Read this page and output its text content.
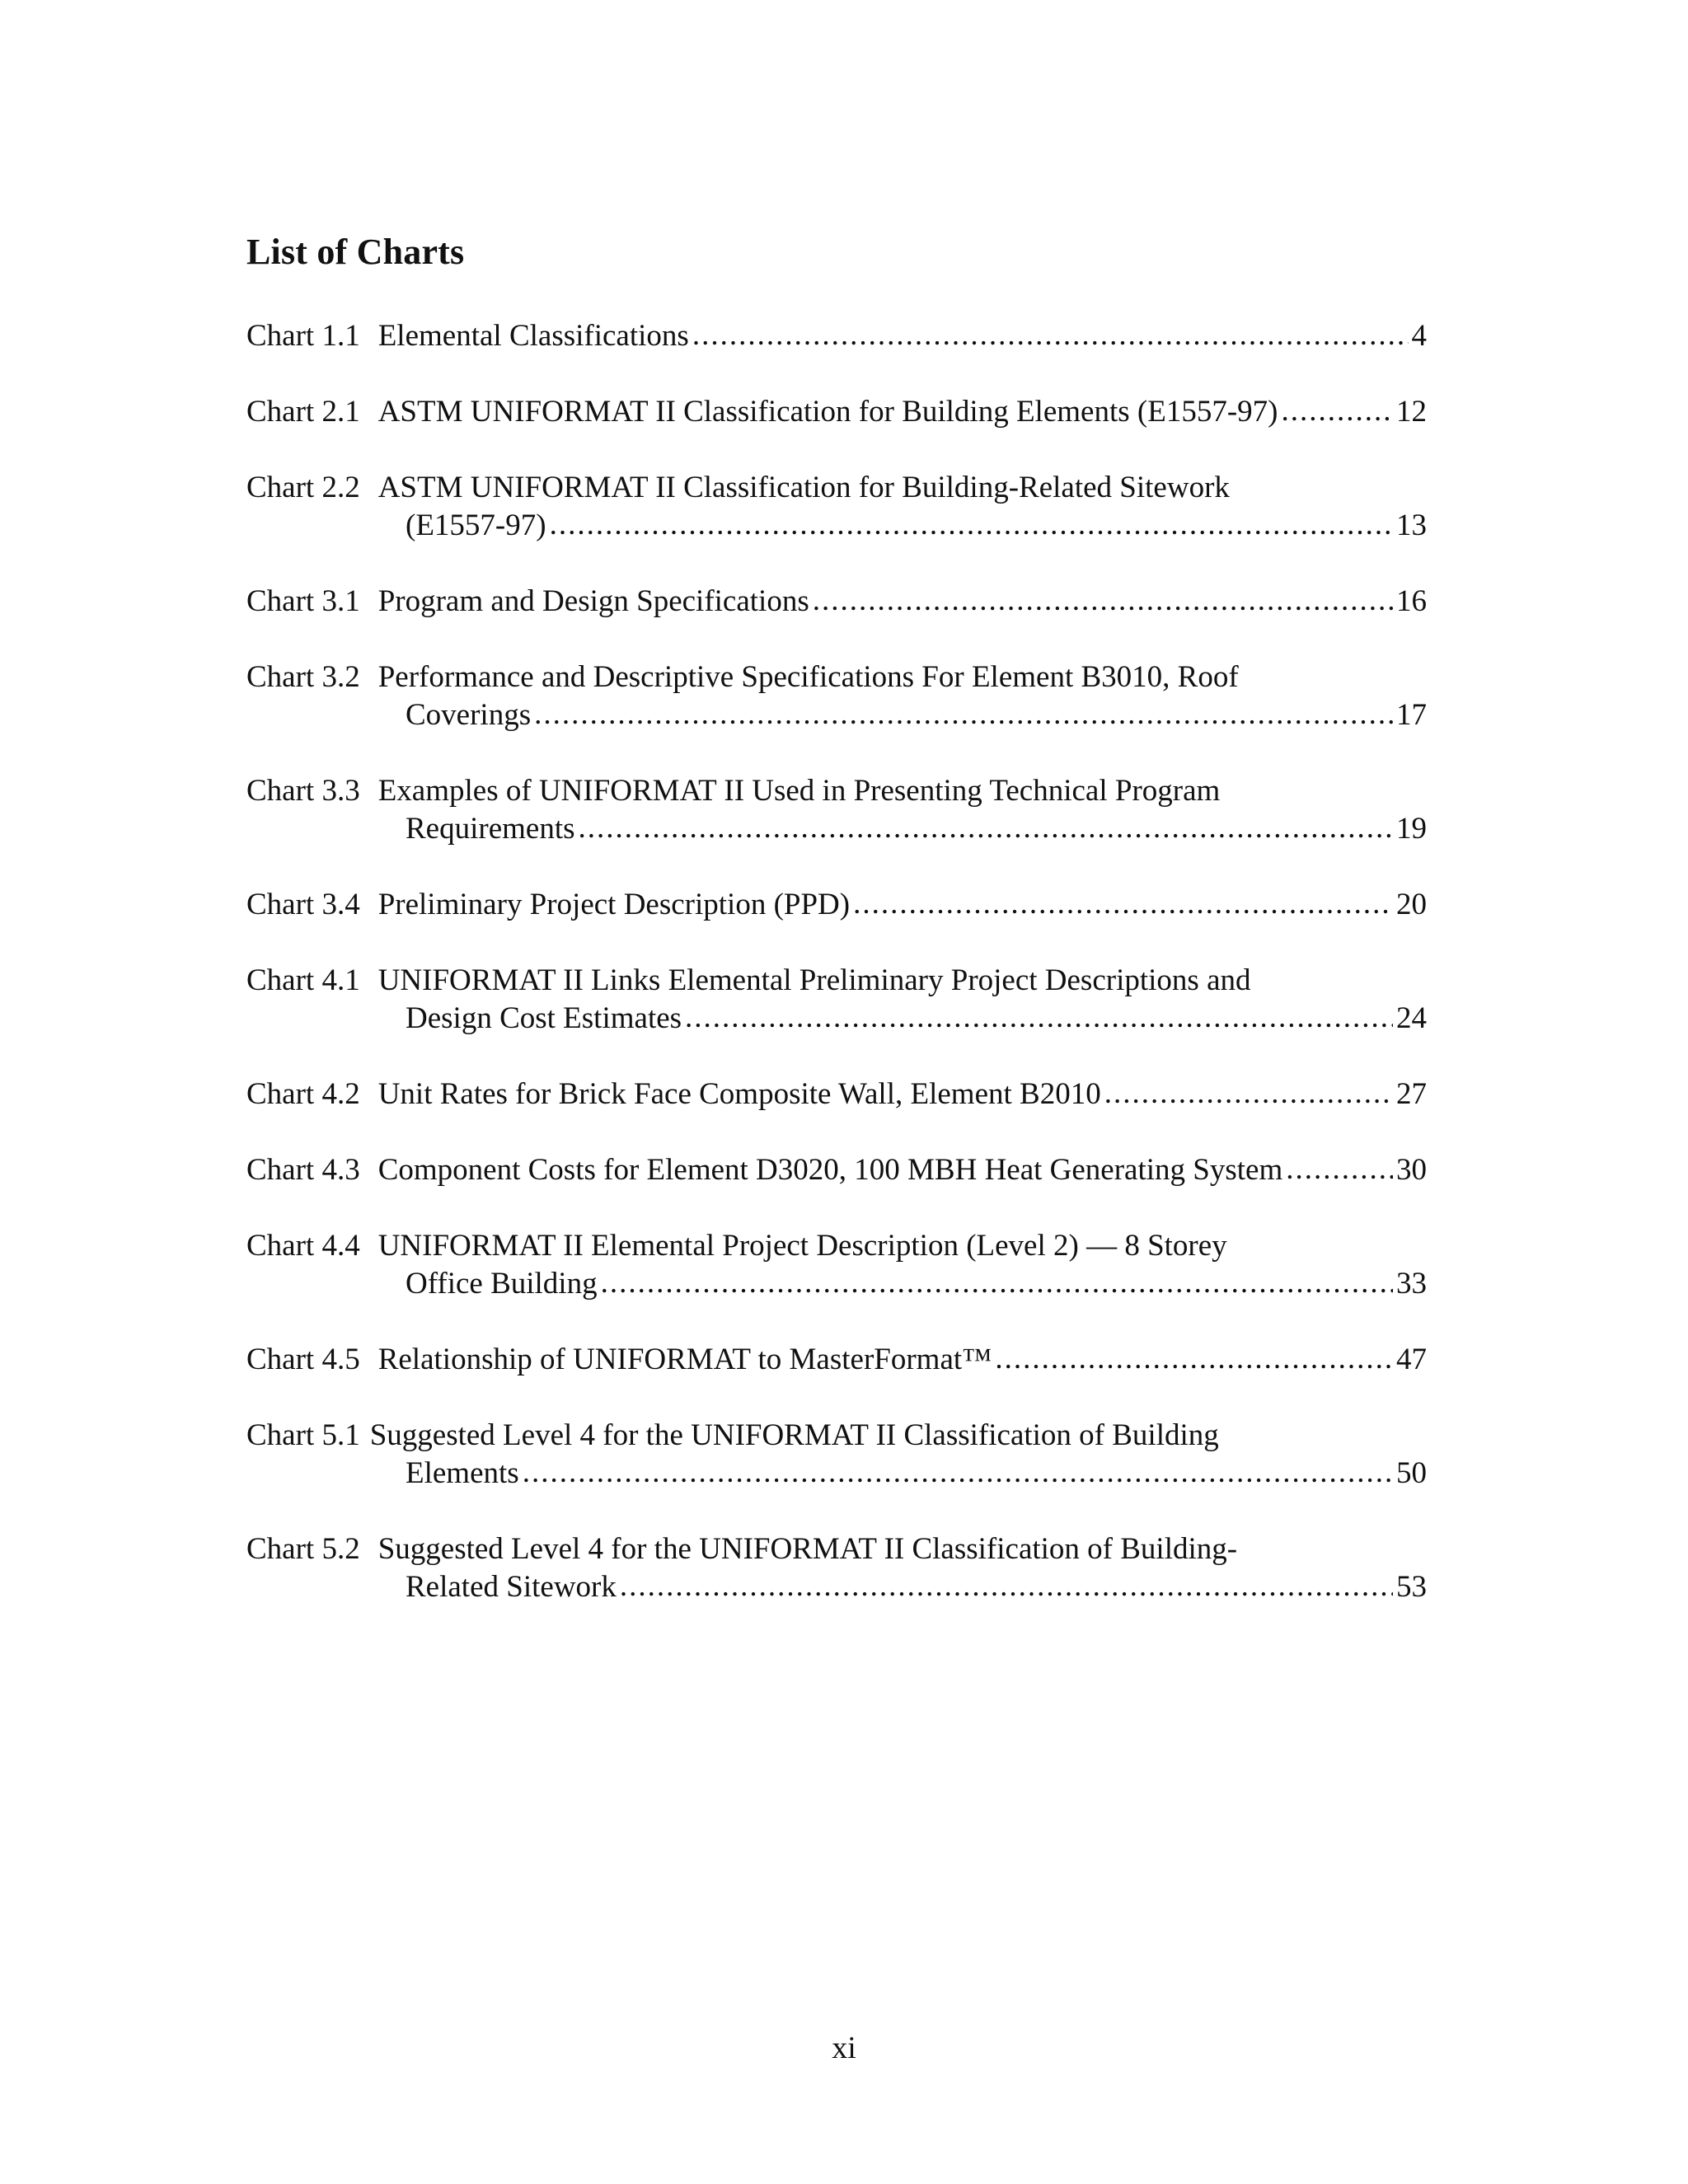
List of Charts
Chart 1.1 Elemental Classifications .....	4
Chart 2.1 ASTM UNIFORMAT II Classification for Building Elements (E1557-97) .....	12
Chart 2.2 ASTM UNIFORMAT II Classification for Building-Related Sitework
(E1557-97) .....	13
Chart 3.1 Program and Design Specifications .....	16
Chart 3.2 Performance and Descriptive Specifications For Element B3010, Roof
Coverings .....	17
Chart 3.3 Examples of UNIFORMAT II Used in Presenting Technical Program
Requirements .....	19
Chart 3.4 Preliminary Project Description (PPD) .....	20
Chart 4.1 UNIFORMAT II Links Elemental Preliminary Project Descriptions and
Design Cost Estimates .....	24
Chart 4.2 Unit Rates for Brick Face Composite Wall, Element B2010 .....	27
Chart 4.3 Component Costs for Element D3020, 100 MBH Heat Generating System .....	30
Chart 4.4 UNIFORMAT II Elemental Project Description (Level 2) — 8 Storey
Office Building .....	33
Chart 4.5 Relationship of UNIFORMAT to MasterFormat™ .....	47
Chart 5.1 Suggested Level 4 for the UNIFORMAT II Classification of Building
Elements .....	50
Chart 5.2 Suggested Level 4 for the UNIFORMAT II Classification of Building-
Related Sitework .....	53
xi
